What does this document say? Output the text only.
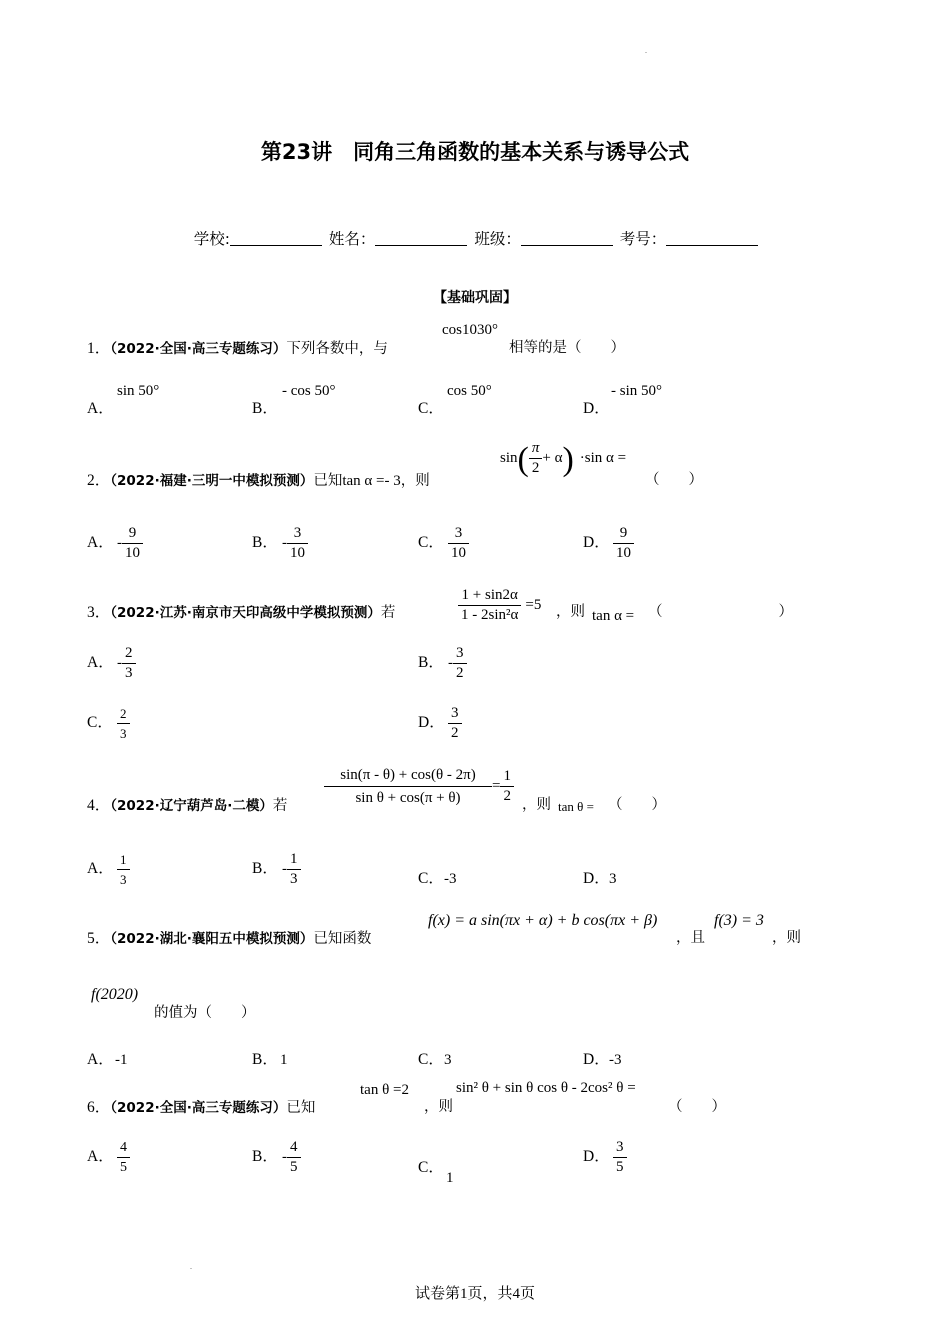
.
第23讲　同角三角函数的基本关系与诱导公式
学校:	姓名：	班级：	考号：
【基础巩固】
1．（2022·全国·高三专题练习）下列各数中，与
cos1030°
相等的是（　　）
A．
sin 50°
B．
- cos 50°
C．
cos 50°
D．
- sin 50°
2．（2022·福建·三明一中模拟预测）已知tan α =- 3，则
$\sin( \frac{\pi}{2} + \alpha) \cdot\sin$ α =
（　　）
A． - $\frac{9}{10}$	B． - $\frac{3}{10}$	C． $\frac{3}{10}$	D． $\frac{9}{10}$
3．（2022·江苏·南京市天印高级中学模拟预测）若	$\frac{1 + \sin 2\alpha}{\text{1 - 2sin²α}} =5$ ，则 tan α = （　　　　　　　　）
A． - $\frac{2}{3}$	B． - $\frac{3}{2}$
C． $\frac{2}{3}$	D． $\frac{3}{2}$
4．（2022·辽宁葫芦岛·二模）若 $\frac{\sin(\pi - \theta) + \cos(\theta - 2\pi)}{\text{sin θ + cos(π + θ)}} = \frac{1}{2}$ ，则 tan θ = （　　）
A． $\frac{1}{3}$	B． - $\frac{1}{3}$	C．-3	D．3
5．（2022·湖北·襄阳五中模拟预测）已知函数
f(x) = a sin(πx + α) + b cos(πx + β)
，且
f(3) = 3
，则
f(2020)
的值为（　　）
A．-1	B． 1	C．3	D．-3
6．（2022·全国·高三专题练习）已知
tan θ =2
，则
sin² θ + sin θ cos θ - 2cos² θ =
（　　）
A． $\frac{4}{5}$	B． - $\frac{4}{5}$	C．1
D． $\frac{3}{5}$
.
试卷第1页，共4页
